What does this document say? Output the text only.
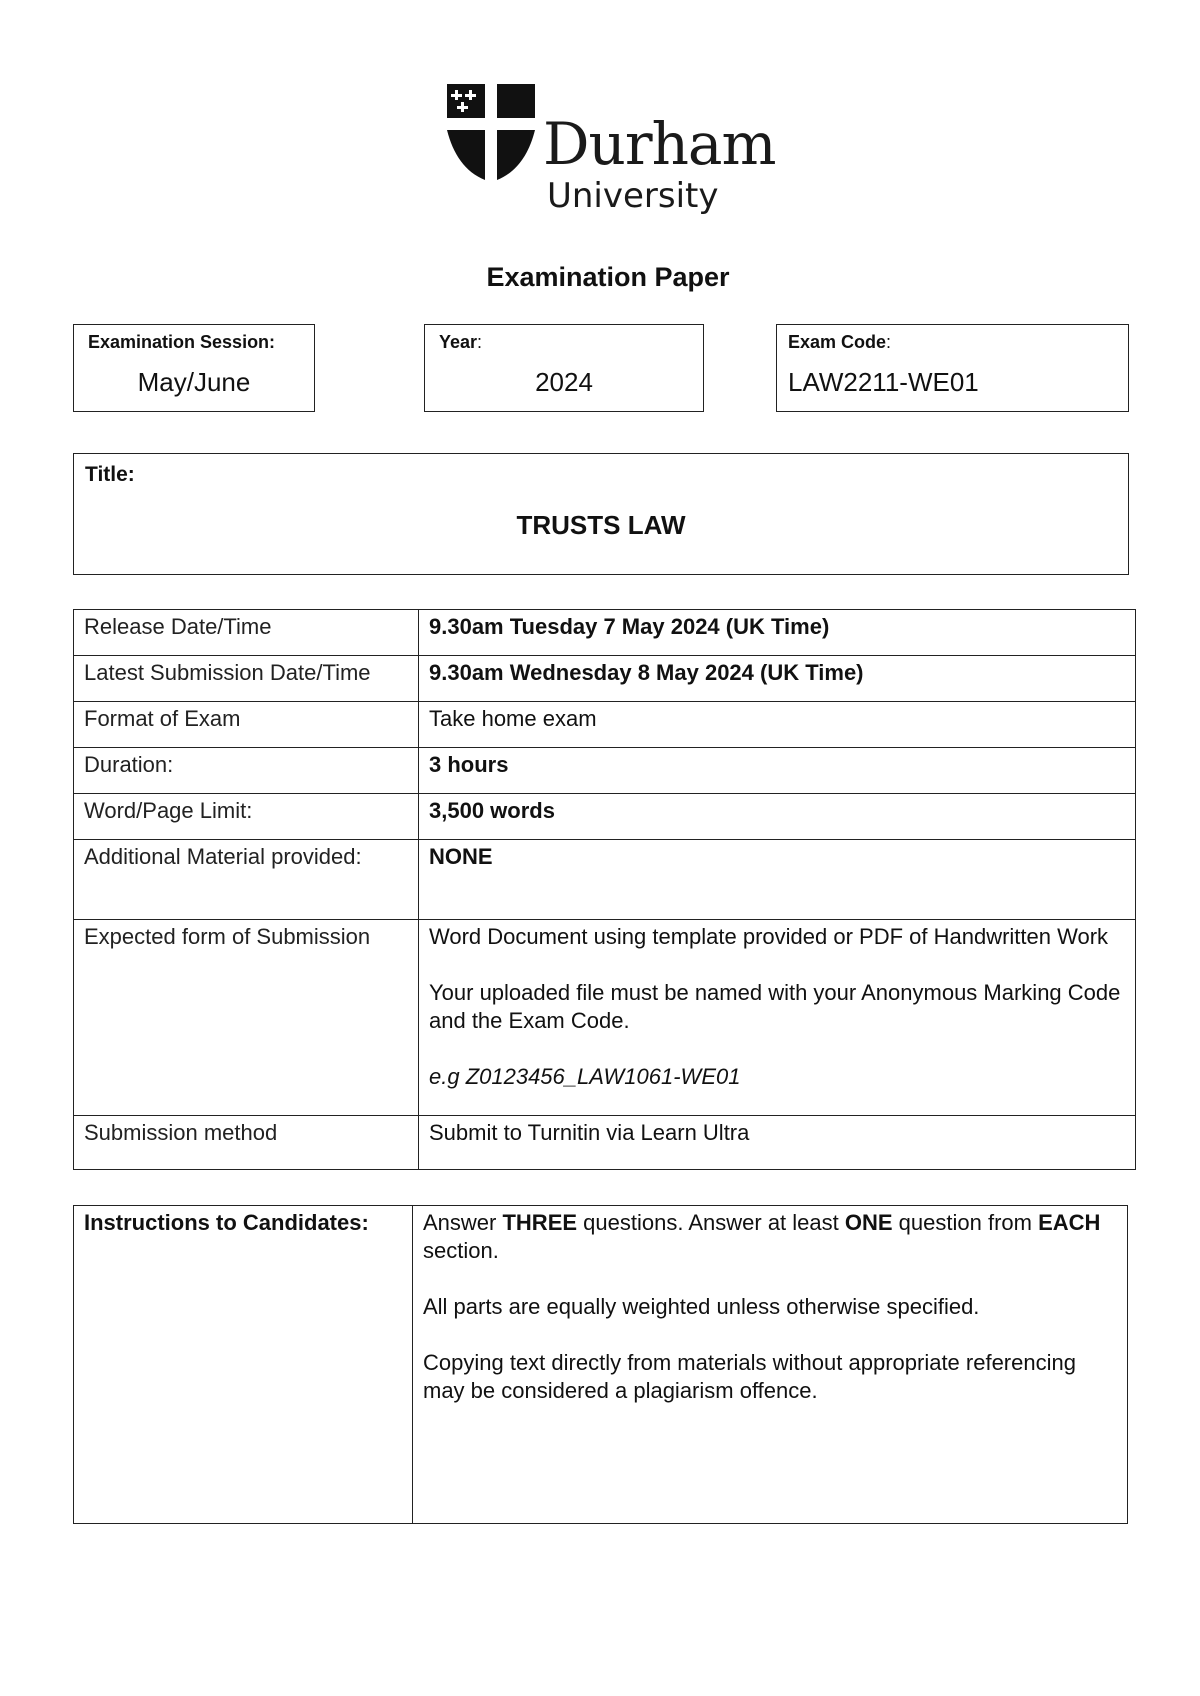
Durham
University
Examination Paper
Examination Session:
May/June
Year:
2024
Exam Code:
LAW2211-WE01
Title:
TRUSTS LAW
Release Date/Time	9.30am Tuesday 7 May 2024 (UK Time)
Latest Submission Date/Time	9.30am Wednesday 8 May 2024 (UK Time)
Format of Exam	Take home exam
Duration:	3 hours
Word/Page Limit:	3,500 words
Additional Material provided:	NONE
Expected form of Submission	Word Document using template provided or PDF of Handwritten Work

Your uploaded file must be named with your Anonymous Marking Code and the Exam Code.

e.g Z0123456_LAW1061-WE01

Submission method	Submit to Turnitin via Learn Ultra
Instructions to Candidates:	Answer THREE questions. Answer at least ONE question from EACH section.

All parts are equally weighted unless otherwise specified.

Copying text directly from materials without appropriate referencing may be considered a plagiarism offence.
